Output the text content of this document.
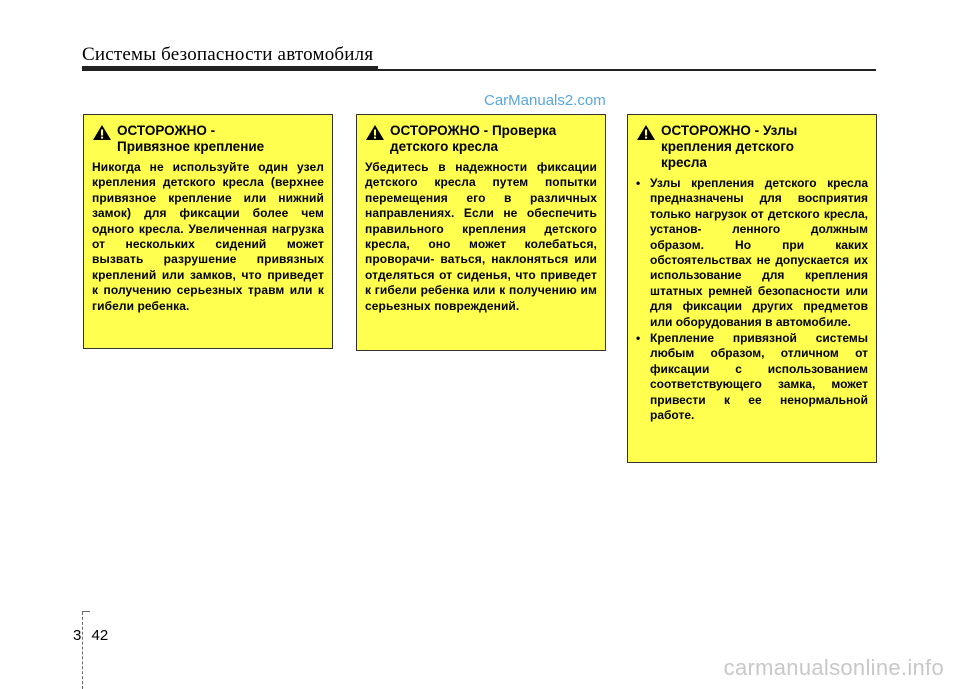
Системы безопасности автомобиля
CarManuals2.com
ОСТОРОЖНО -
Привязное крепление
Никогда не используйте один узел крепления детского кресла (верхнее привязное крепление или нижний замок) для фиксации более чем одного кресла. Увеличенная нагрузка от нескольких сидений может вызвать разрушение привязных креплений или замков, что приведет к получению серьезных травм или к гибели ребенка.
ОСТОРОЖНО - Проверка
детского кресла
Убедитесь в надежности фиксации детского кресла путем попытки перемещения его в различных направлениях. Если не обеспечить правильного крепления детского кресла, оно может колебаться, проворачи- ваться, наклоняться или отделяться от сиденья, что приведет к гибели ребенка или к получению им серьезных повреждений.
ОСТОРОЖНО - Узлы
крепления детского
кресла
• Узлы крепления детского кресла предназначены для восприятия только нагрузок от детского кресла, установ- ленного должным образом. Но при каких обстоятельствах не допускается их использование для крепления штатных ремней безопасности или для фиксации других предметов или оборудования в автомобиле.
• Крепление привязной системы любым образом, отличном от фиксации с использованием соответствующего замка, может привести к ее ненормальной работе.
3 42
carmanualsonline.info
